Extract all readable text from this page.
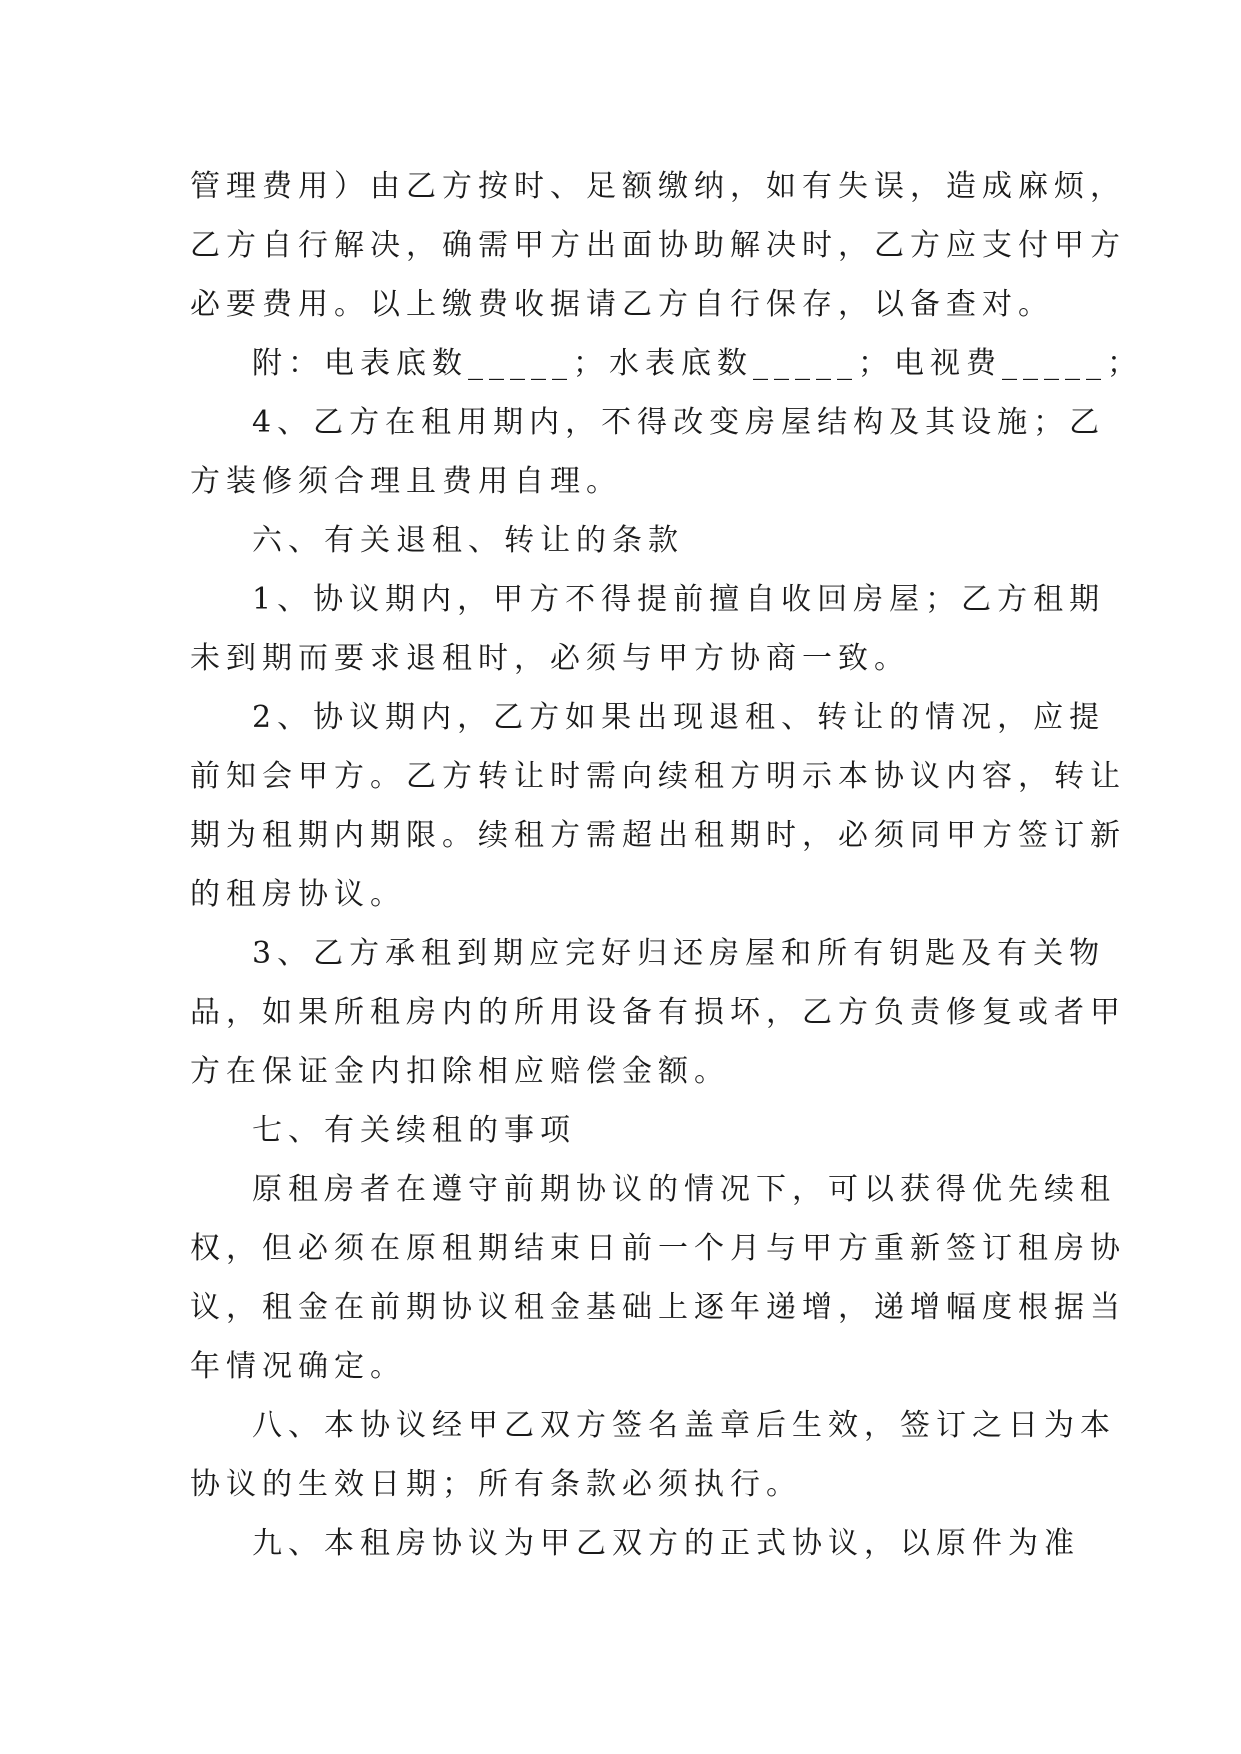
管理费用）由乙方按时、足额缴纳，如有失误，造成麻烦，
乙方自行解决，确需甲方出面协助解决时，乙方应支付甲方
必要费用。以上缴费收据请乙方自行保存，以备查对。
附：电表底数_____；水表底数_____；电视费_____；
4、乙方在租用期内，不得改变房屋结构及其设施；乙
方装修须合理且费用自理。
六、有关退租、转让的条款
1、协议期内，甲方不得提前擅自收回房屋；乙方租期
未到期而要求退租时，必须与甲方协商一致。
2、协议期内，乙方如果出现退租、转让的情况，应提
前知会甲方。乙方转让时需向续租方明示本协议内容，转让
期为租期内期限。续租方需超出租期时，必须同甲方签订新
的租房协议。
3、乙方承租到期应完好归还房屋和所有钥匙及有关物
品，如果所租房内的所用设备有损坏，乙方负责修复或者甲
方在保证金内扣除相应赔偿金额。
七、有关续租的事项
原租房者在遵守前期协议的情况下，可以获得优先续租
权，但必须在原租期结束日前一个月与甲方重新签订租房协
议，租金在前期协议租金基础上逐年递增，递增幅度根据当
年情况确定。
八、本协议经甲乙双方签名盖章后生效，签订之日为本
协议的生效日期；所有条款必须执行。
九、本租房协议为甲乙双方的正式协议，以原件为准
